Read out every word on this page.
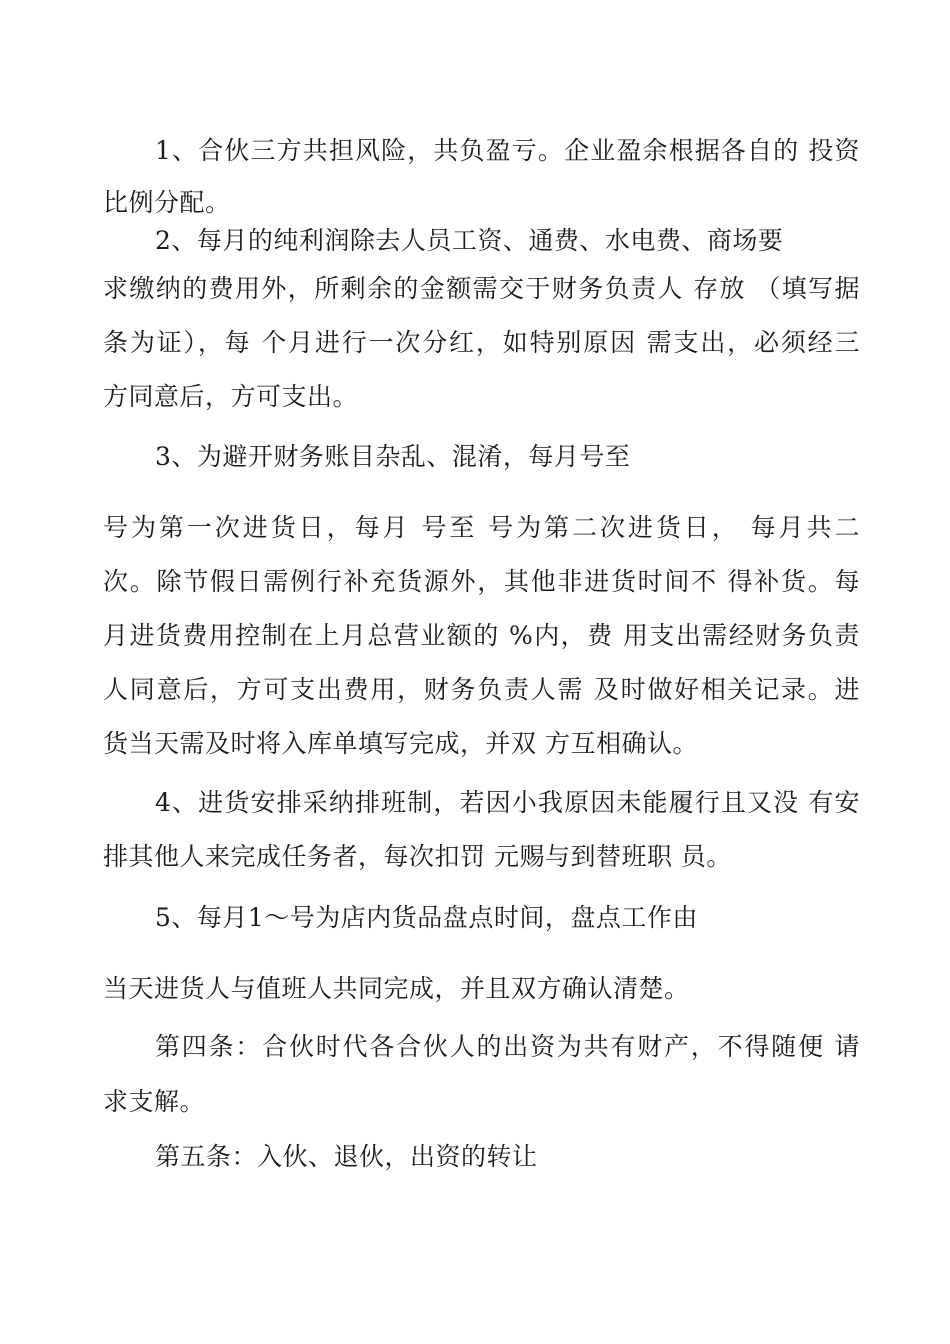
1、合伙三方共担风险，共负盈亏。企业盈余根据各自的 投资
比例分配。
2、每月的纯利润除去人员工资、通费、水电费、商场要
求缴纳的费用外，所剩余的金额需交于财务负责人 存放 （填写据
条为证），每 个月进行一次分红，如特别原因 需支出，必须经三
方同意后，方可支出。
3、为避开财务账目杂乱、混淆，每月号至
号为第一次进货日，每月 号至 号为第二次进货日， 每月共二
次。除节假日需例行补充货源外，其他非进货时间不 得补货。每
月进货费用控制在上月总营业额的 %内，费 用支出需经财务负责
人同意后，方可支出费用，财务负责人需 及时做好相关记录。进
货当天需及时将入库单填写完成，并双 方互相确认。
4、进货安排采纳排班制，若因小我原因未能履行且又没 有安
排其他人来完成任务者，每次扣罚 元赐与到替班职 员。
5、每月1〜号为店内货品盘点时间，盘点工作由
当天进货人与值班人共同完成，并且双方确认清楚。
第四条：合伙时代各合伙人的出资为共有财产，不得随便 请
求支解。
第五条：入伙、退伙，出资的转让
